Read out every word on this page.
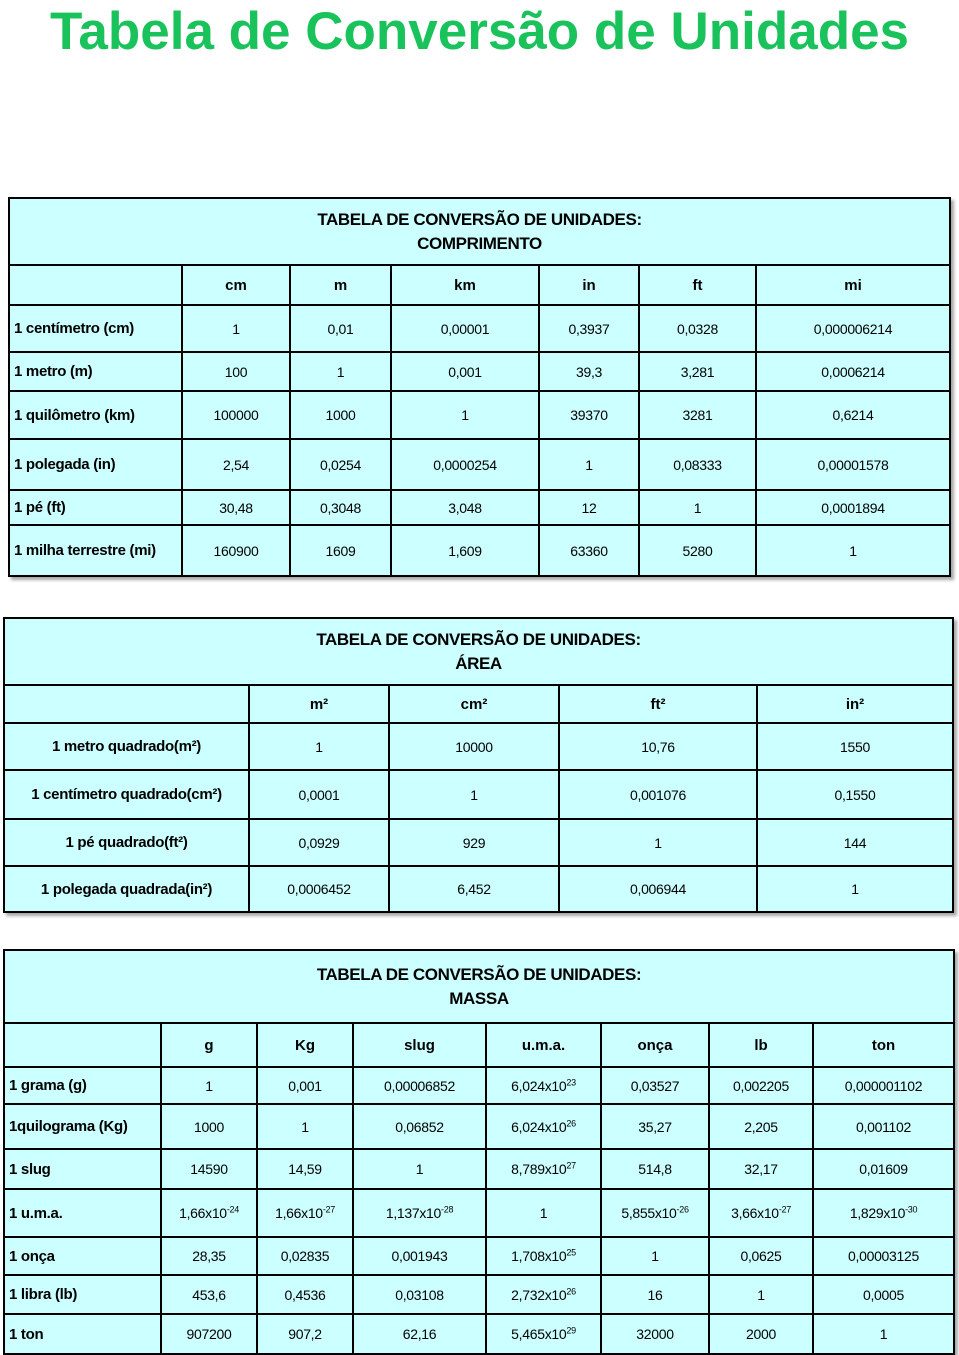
Tabela de Conversão de Unidades
TABELA DE CONVERSÃO DE UNIDADES:
COMPRIMENTO						

	cm	m	km	in	ft	mi
1 centímetro (cm)	1	0,01	0,00001	0,3937	0,0328	0,000006214
1 metro (m)	100	1	0,001	39,3	3,281	0,0006214
1 quilômetro (km)	100000	1000	1	39370	3281	0,6214
1 polegada (in)	2,54	0,0254	0,0000254	1	0,08333	0,00001578
1 pé (ft)	30,48	0,3048	3,048	12	1	0,0001894
1 milha terrestre (mi)	160900	1609	1,609	63360	5280	1
TABELA DE CONVERSÃO DE UNIDADES:
ÁREA				

	m²	cm²	ft²	in²
1 metro quadrado(m²)	1	10000	10,76	1550
1 centímetro quadrado(cm²)	0,0001	1	0,001076	0,1550
1 pé quadrado(ft²)	0,0929	929	1	144
1 polegada quadrada(in²)	0,0006452	6,452	0,006944	1
TABELA DE CONVERSÃO DE UNIDADES:
MASSA							

	g	Kg	slug	u.m.a.	onça	lb	ton
1 grama (g)	1	0,001	0,00006852	$6,024x10^{23}$	0,03527	0,002205	0,000001102
1quilograma (Kg)	1000	1	0,06852	$6,024x10^{26}$	35,27	2,205	0,001102
1 slug	14590	14,59	1	$8,789x10^{27}$	514,8	32,17	0,01609
1 u.m.a.	$1,66x10^{-24}$	$1,66x10^{-27}$	$1,137x10^{-28}$	1	$5,855x10^{-26}$	$3,66x10^{-27}$	$1,829x10^{-30}$
1 onça	28,35	0,02835	0,001943	$1,708x10^{25}$	1	0,0625	0,00003125
1 libra (lb)	453,6	0,4536	0,03108	$2,732x10^{26}$	16	1	0,0005
1 ton	907200	907,2	62,16	$5,465x10^{29}$	32000	2000	1
